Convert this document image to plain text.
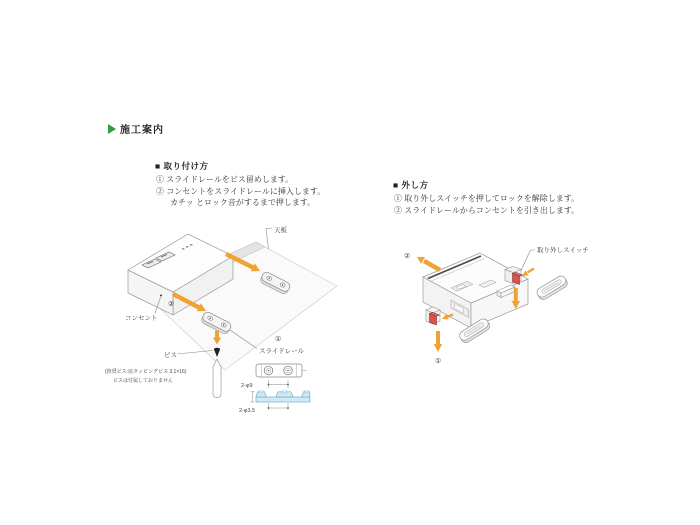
施工案内
■ 取り付け方
① スライドレールをビス留めします。
② コンセントをスライドレールに挿入します。
カチッ とロック音がするまで押します。
■ 外し方
① 取り外しスイッチを押してロックを解除します。
② スライドレールからコンセントを引き出します。
2-φ9
2-φ3.5
天板
②
コンセント
①
スライドレール
ビス
(推奨ビス:皿タッピングビス 3.1×16)
ビスは付属しておりません
②
①
取り外しスイッチ
